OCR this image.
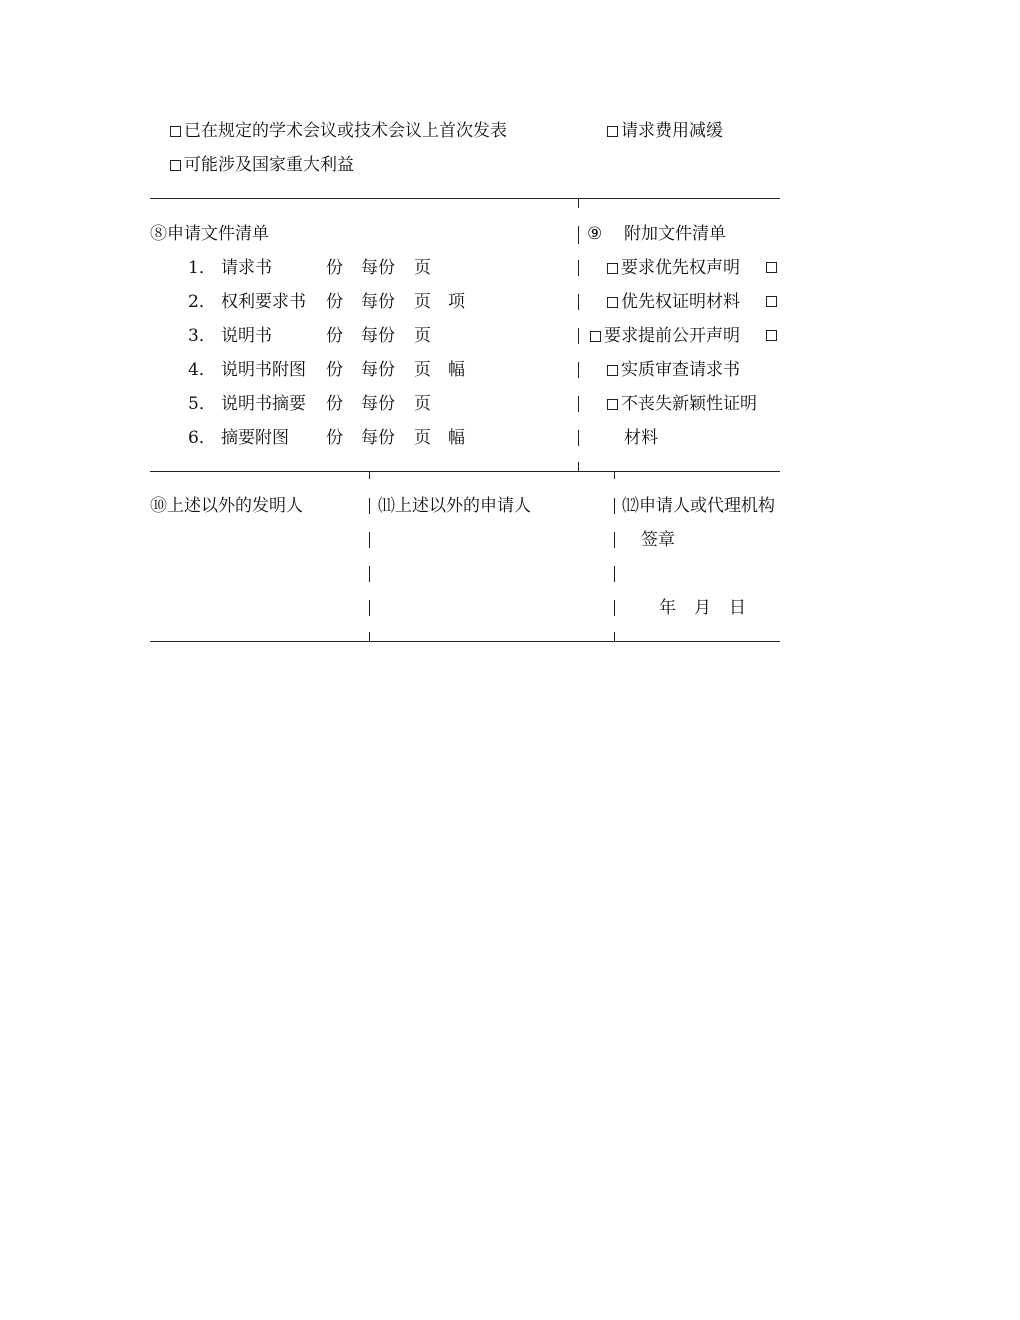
已在规定的学术会议或技术会议上首次发表	请求费用减缓
可能涉及国家重大利益
⑧申请文件清单
1． 请求书	份 每份 页
2． 权利要求书 份 每份 页 项
3． 说明书	份 每份 页
4． 说明书附图 份 每份 页 幅
5． 说明书摘要 份 每份 页
6． 摘要附图 份 每份 页 幅
⑨ 附加文件清单
要求优先权声明
优先权证明材料
要求提前公开声明
实质审查请求书
不丧失新颖性证明
材料
⑩上述以外的发明人	⑾上述以外的申请人	⑿申请人或代理机构
签章
年 月 日
